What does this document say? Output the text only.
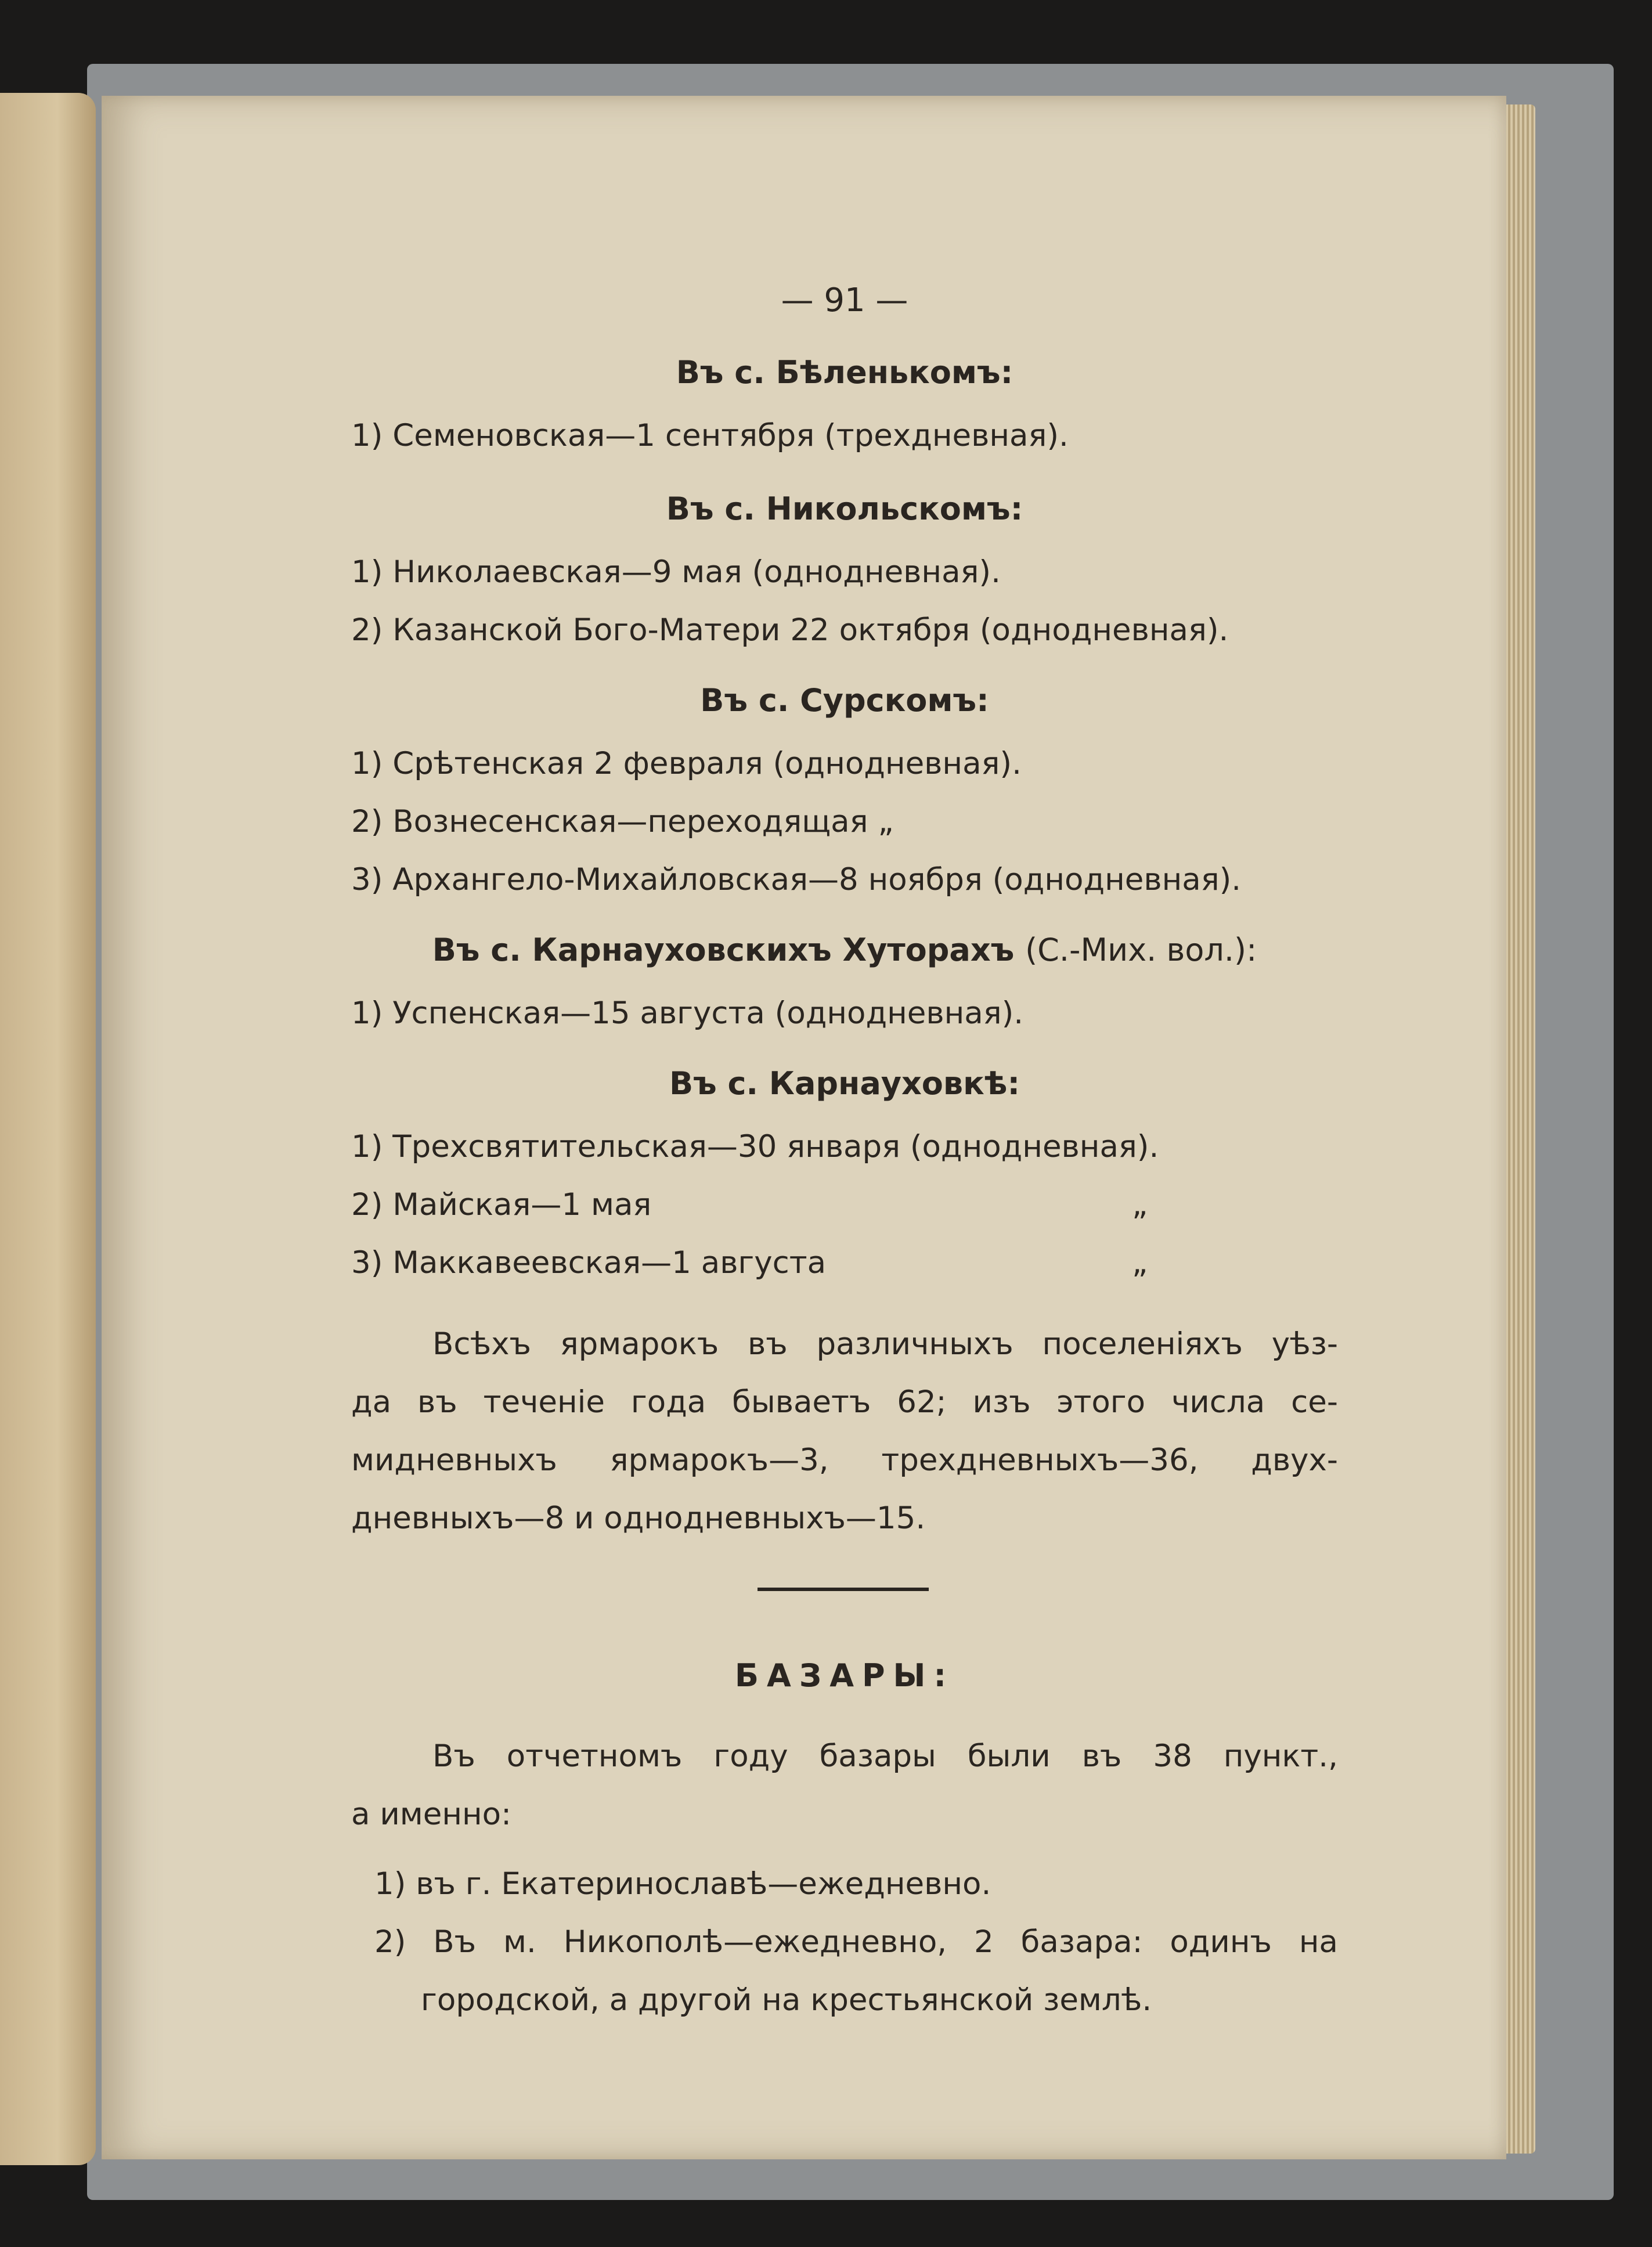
— 91 —
Въ с. Бѣленькомъ:
1) Семеновская—1 сентября (трехдневная).
Въ с. Никольскомъ:
1) Николаевская—9 мая (однодневная).
2) Казанской Бого-Матери 22 октября (однодневная).
Въ с. Сурскомъ:
1) Срѣтенская 2 февраля (однодневная).
2) Вознесенская—переходящая „
3) Архангело-Михайловская—8 ноября (однодневная).
Въ с. Карнауховскихъ Хуторахъ (С.-Мих. вол.):
1) Успенская—15 августа (однодневная).
Въ с. Карнауховкѣ:
1) Трехсвятительская—30 января (однодневная).
2) Майская—1 мая	„
3) Маккавеевская—1 августа	„
Всѣхъ ярмарокъ въ различныхъ поселеніяхъ уѣз-
да въ теченіе года бываетъ 62; изъ этого числа се-
мидневныхъ ярмарокъ—3, трехдневныхъ—36, двух-
дневныхъ—8 и однодневныхъ—15.
БАЗАРЫ:
Въ отчетномъ году базары были въ 38 пункт.,
а именно:
1) въ г. Екатеринославѣ—ежедневно.
2) Въ м. Никополѣ—ежедневно, 2 базара: одинъ на
городской, а другой на крестьянской землѣ.
